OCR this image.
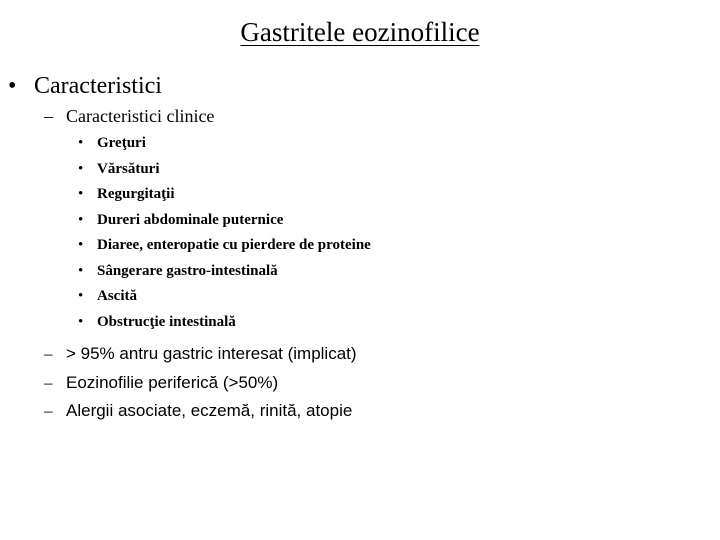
Gastritele eozinofilice
• Caracteristici
– Caracteristici clinice
• Greţuri
• Vărsături
• Regurgitaţii
• Dureri abdominale puternice
• Diaree, enteropatie cu pierdere de proteine
• Sângerare gastro-intestinală
• Ascită
• Obstrucţie intestinală
– > 95% antru gastric interesat (implicat)
– Eozinofilie periferică (>50%)
– Alergii asociate, eczemă, rinită, atopie
